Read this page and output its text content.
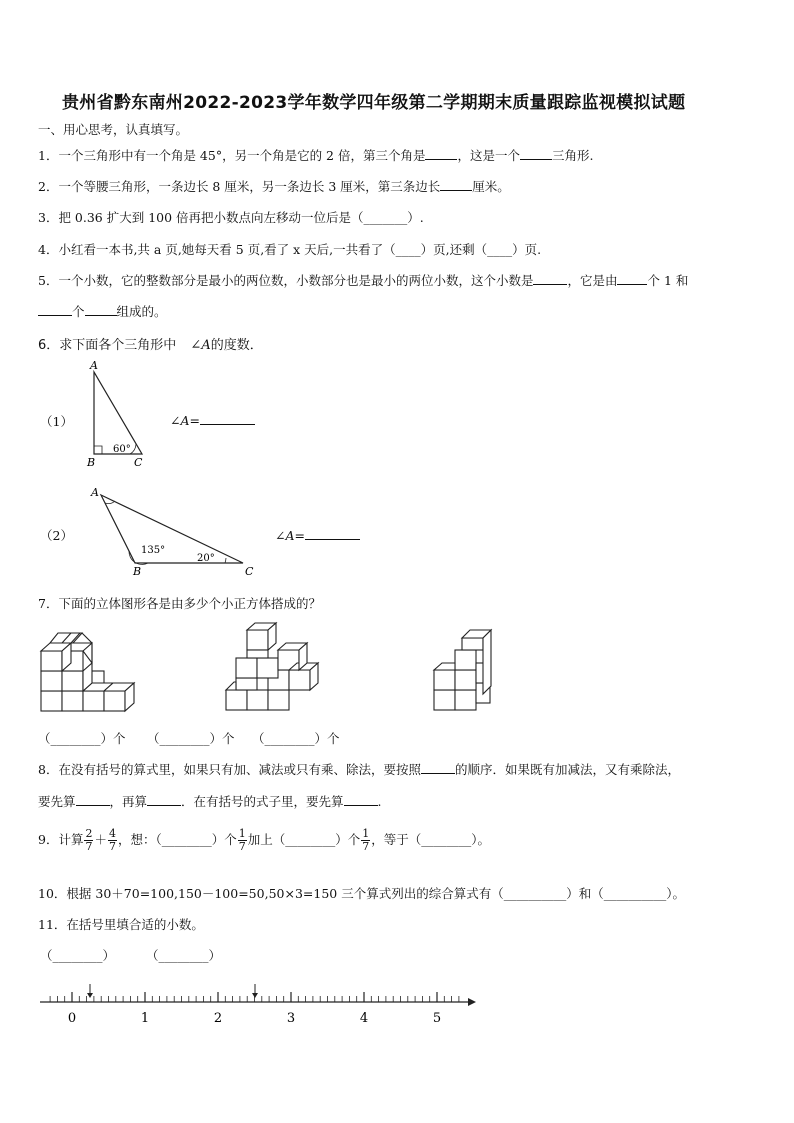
贵州省黔东南州2022-2023学年数学四年级第二学期期末质量跟踪监视模拟试题
一、用心思考，认真填写。
1．一个三角形中有一个角是 45°，另一个角是它的 2 倍，第三个角是	，这是一个	三角形.
2．一个等腰三角形，一条边长 8 厘米，另一条边长 3 厘米，第三条边长	厘米。
3．把 0.36 扩大到 100 倍再把小数点向左移动一位后是（_______）.
4．小红看一本书,共 a 页,她每天看 5 页,看了 x 天后,一共看了（____）页,还剩（____）页.
5．一个小数，它的整数部分是最小的两位数，小数部分也是最小的两位小数，这个小数是	，它是由 个 1 和
个	组成的。
6．求下面各个三角形中 ∠A的度数．
（1）
A
B	C
60°
∠A=
（2）
A
B	C
135°
20°
∠A=
7．下面的立体图形各是由多少个小正方体搭成的？
（________）个 （________）个 （________）个
8．在没有括号的算式里，如果只有加、减法或只有乘、除法，要按照	的顺序．如果既有加减法，又有乘除法，
要先算	，再算	．在有括号的式子里，要先算	.
9．计算 $\frac{2}{7} + \frac{4}{7}$ ，想：（________）个 $\frac{1}{7}$ 加上（________）个 $\frac{1}{7}$ ，等于（________）。
10．根据 30＋70=100,150－100=50,50×3=150 三个算式列出的综合算式有（__________）和（__________）。
11．在括号里填合适的小数。
（________） （________）
0	1	2	3	4	5
